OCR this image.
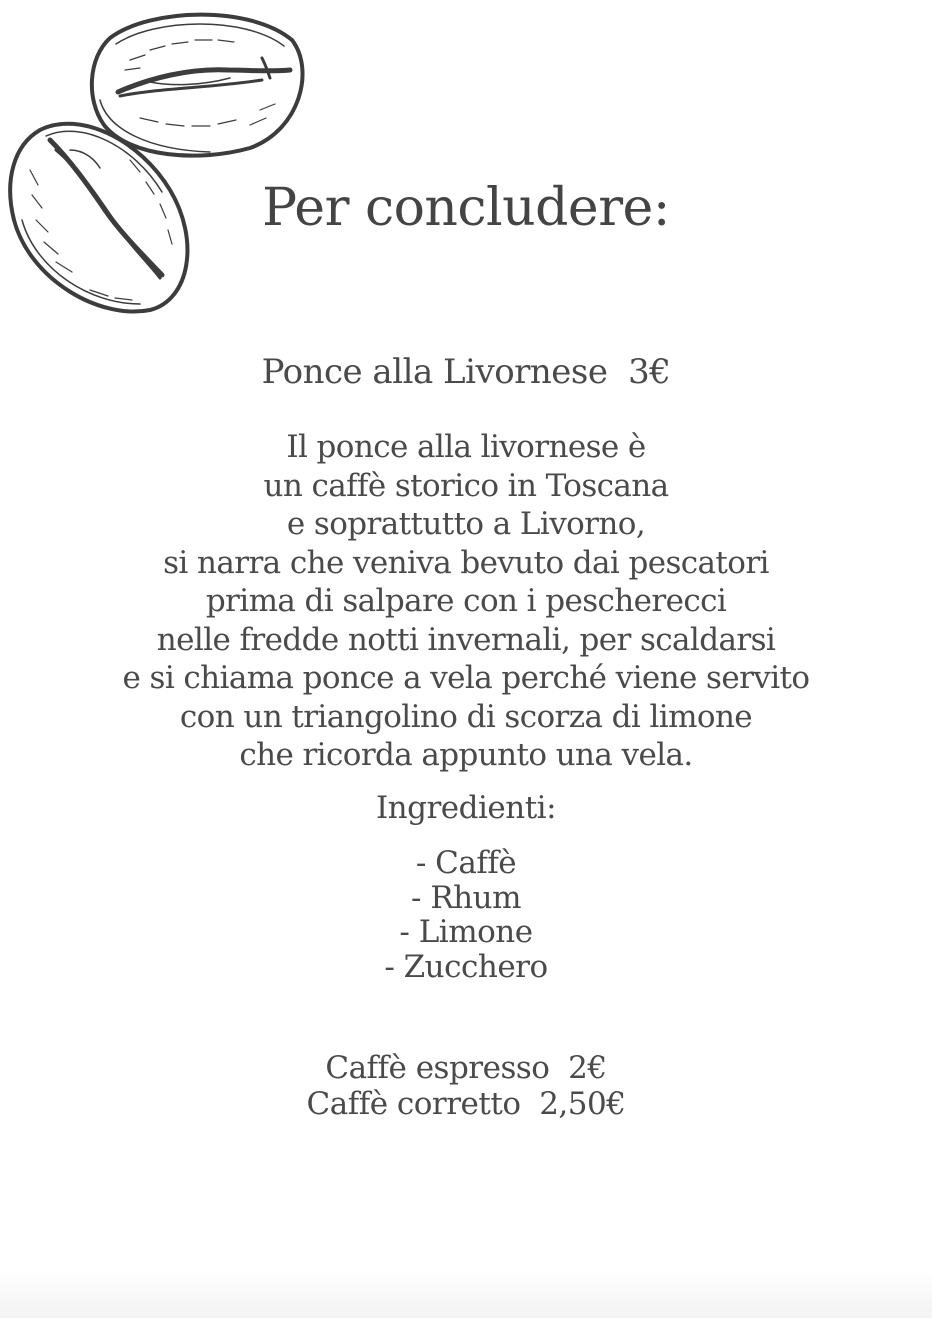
Per concludere:
Ponce alla Livornese 3€
Il ponce alla livornese è
un caffè storico in Toscana
e soprattutto a Livorno,
si narra che veniva bevuto dai pescatori
prima di salpare con i pescherecci
nelle fredde notti invernali, per scaldarsi
e si chiama ponce a vela perché viene servito
con un triangolino di scorza di limone
che ricorda appunto una vela.
Ingredienti:
- Caffè
- Rhum
- Limone
- Zucchero
Caffè espresso 2€
Caffè corretto 2,50€
